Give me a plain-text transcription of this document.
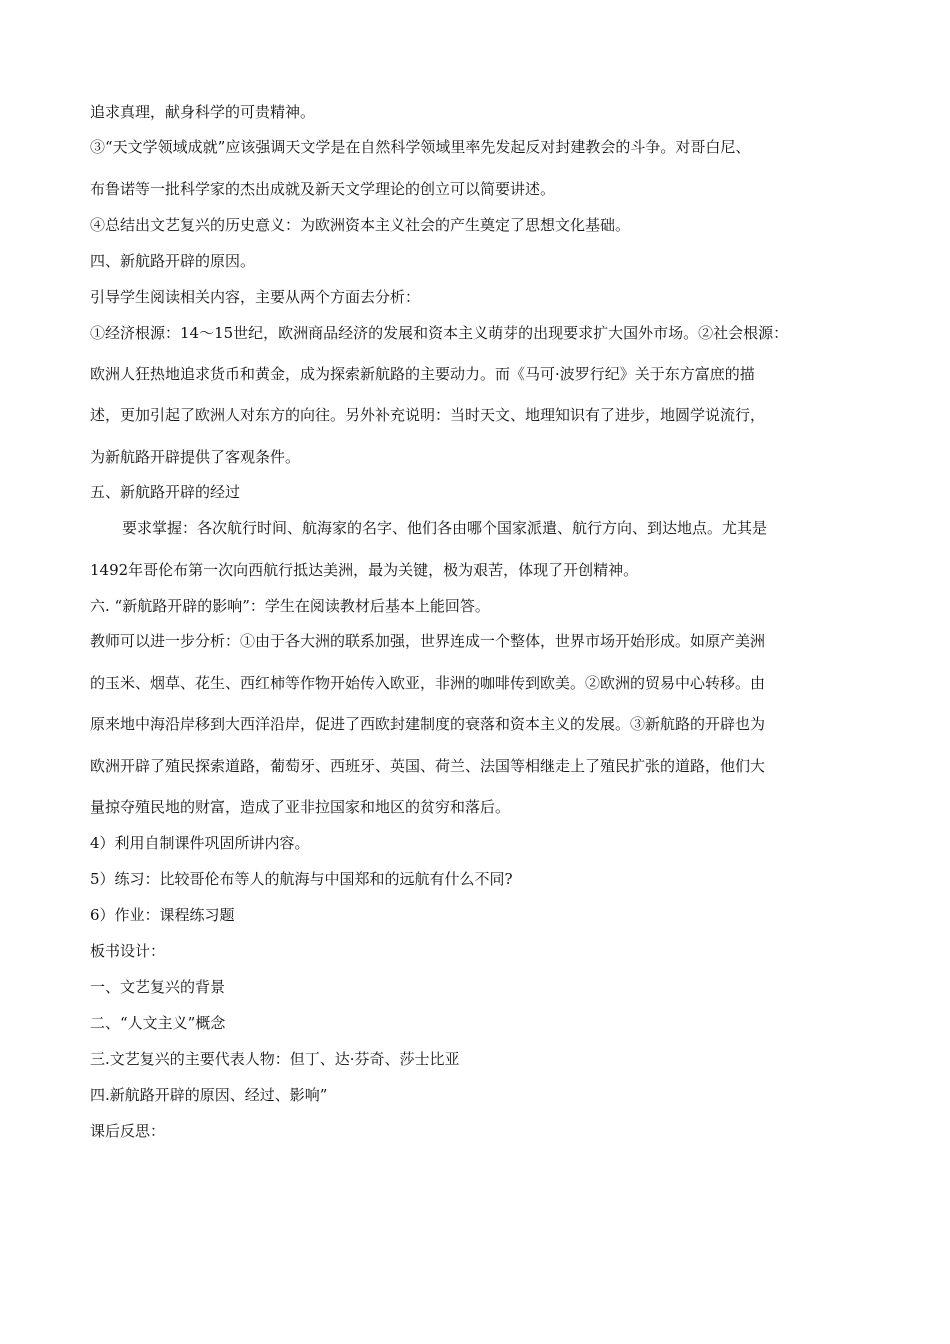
追求真理，献身科学的可贵精神。
③“天文学领域成就”应该强调天文学是在自然科学领域里率先发起反对封建教会的斗争。对哥白尼、
布鲁诺等一批科学家的杰出成就及新天文学理论的创立可以简要讲述。
④总结出文艺复兴的历史意义：为欧洲资本主义社会的产生奠定了思想文化基础。
四、新航路开辟的原因。
引导学生阅读相关内容，主要从两个方面去分析：
①经济根源：14～15世纪，欧洲商品经济的发展和资本主义萌芽的出现要求扩大国外市场。②社会根源：
欧洲人狂热地追求货币和黄金，成为探索新航路的主要动力。而《马可·波罗行纪》关于东方富庶的描
述，更加引起了欧洲人对东方的向往。另外补充说明：当时天文、地理知识有了进步，地圆学说流行，
为新航路开辟提供了客观条件。
五、新航路开辟的经过
要求掌握：各次航行时间、航海家的名字、他们各由哪个国家派遣、航行方向、到达地点。尤其是
1492年哥伦布第一次向西航行抵达美洲，最为关键，极为艰苦，体现了开创精神。
六. “新航路开辟的影响”：学生在阅读教材后基本上能回答。
教师可以进一步分析：①由于各大洲的联系加强，世界连成一个整体，世界市场开始形成。如原产美洲
的玉米、烟草、花生、西红柿等作物开始传入欧亚，非洲的咖啡传到欧美。②欧洲的贸易中心转移。由
原来地中海沿岸移到大西洋沿岸，促进了西欧封建制度的衰落和资本主义的发展。③新航路的开辟也为
欧洲开辟了殖民探索道路，葡萄牙、西班牙、英国、荷兰、法国等相继走上了殖民扩张的道路，他们大
量掠夺殖民地的财富，造成了亚非拉国家和地区的贫穷和落后。
4）利用自制课件巩固所讲内容。
5）练习：比较哥伦布等人的航海与中国郑和的远航有什么不同?
6）作业：课程练习题
板书设计：
一、文艺复兴的背景
二、“人文主义”概念
三.文艺复兴的主要代表人物：但丁、达·芬奇、莎士比亚
四.新航路开辟的原因、经过、影响”
课后反思：
